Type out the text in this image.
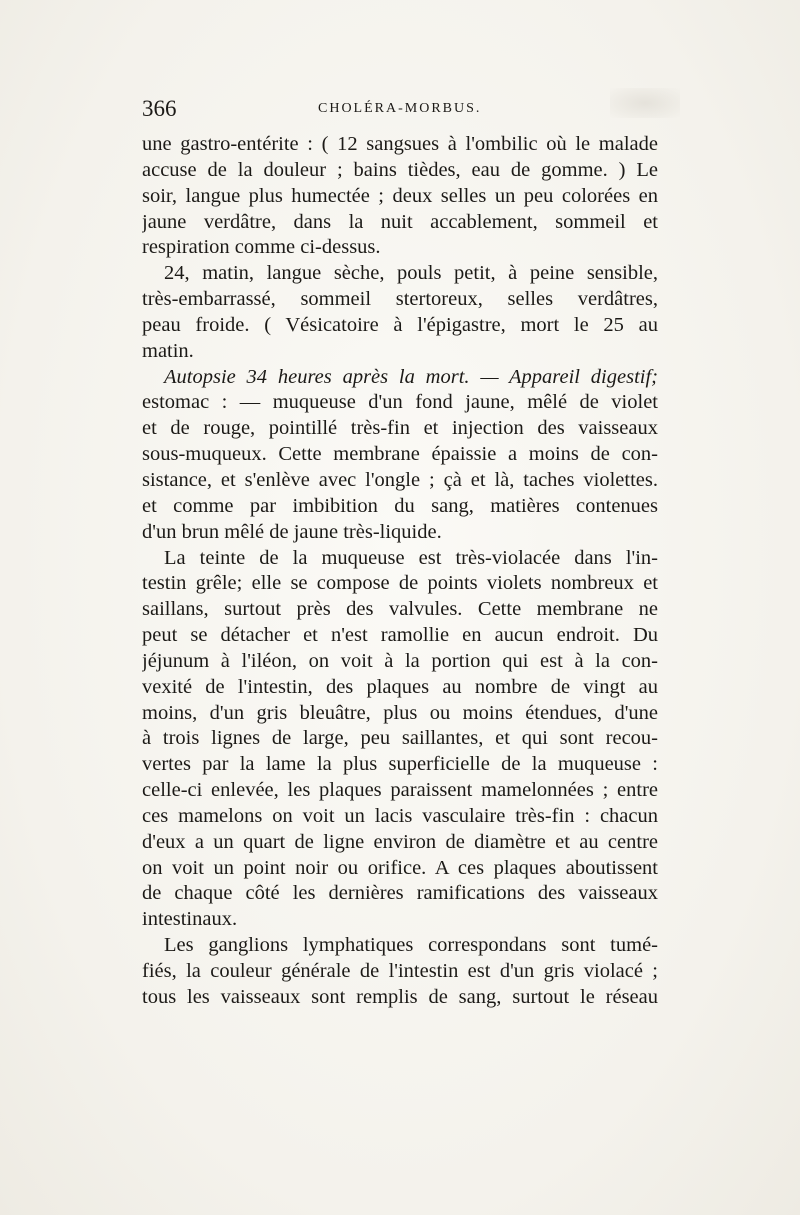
366	CHOLÉRA-MORBUS.
une gastro-entérite : ( 12 sangsues à l'ombilic où le malade
accuse de la douleur ; bains tièdes, eau de gomme. ) Le
soir, langue plus humectée ; deux selles un peu colorées en
jaune verdâtre, dans la nuit accablement, sommeil et
respiration comme ci-dessus.
24, matin, langue sèche, pouls petit, à peine sensible,
très-embarrassé, sommeil stertoreux, selles verdâtres,
peau froide. ( Vésicatoire à l'épigastre, mort le 25 au
matin.
Autopsie 34 heures après la mort. — Appareil digestif;
estomac : — muqueuse d'un fond jaune, mêlé de violet
et de rouge, pointillé très-fin et injection des vaisseaux
sous-muqueux. Cette membrane épaissie a moins de con-
sistance, et s'enlève avec l'ongle ; çà et là, taches violettes.
et comme par imbibition du sang, matières contenues
d'un brun mêlé de jaune très-liquide.
La teinte de la muqueuse est très-violacée dans l'in-
testin grêle; elle se compose de points violets nombreux et
saillans, surtout près des valvules. Cette membrane ne
peut se détacher et n'est ramollie en aucun endroit. Du
jéjunum à l'iléon, on voit à la portion qui est à la con-
vexité de l'intestin, des plaques au nombre de vingt au
moins, d'un gris bleuâtre, plus ou moins étendues, d'une
à trois lignes de large, peu saillantes, et qui sont recou-
vertes par la lame la plus superficielle de la muqueuse :
celle-ci enlevée, les plaques paraissent mamelonnées ; entre
ces mamelons on voit un lacis vasculaire très-fin : chacun
d'eux a un quart de ligne environ de diamètre et au centre
on voit un point noir ou orifice. A ces plaques aboutissent
de chaque côté les dernières ramifications des vaisseaux
intestinaux.
Les ganglions lymphatiques correspondans sont tumé-
fiés, la couleur générale de l'intestin est d'un gris violacé ;
tous les vaisseaux sont remplis de sang, surtout le réseau
